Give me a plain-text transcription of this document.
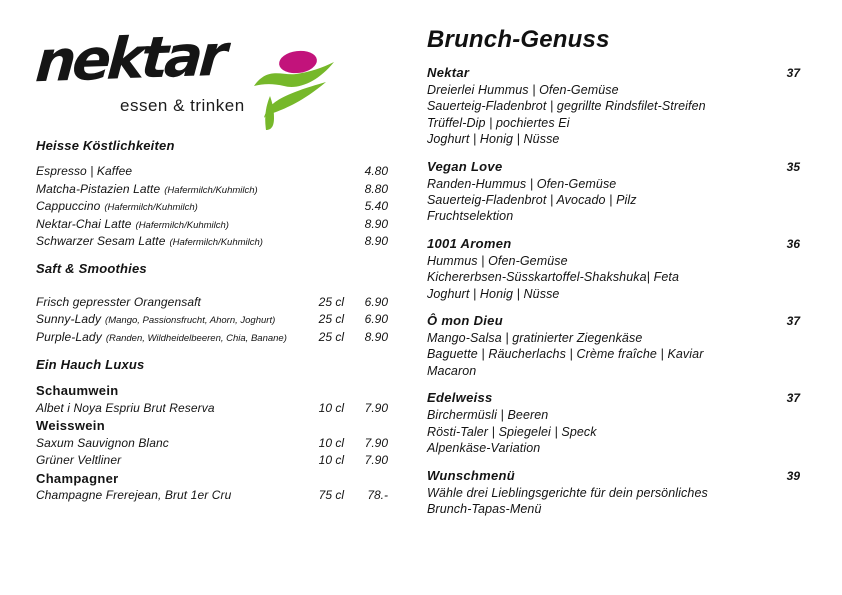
nektar
essen & trinken
Heisse Köstlichkeiten
Espresso | Kaffee	4.80
Matcha-Pistazien Latte (Hafermilch/Kuhmilch)	8.80
Cappuccino (Hafermilch/Kuhmilch)	5.40
Nektar-Chai Latte (Hafermilch/Kuhmilch)	8.90
Schwarzer Sesam Latte (Hafermilch/Kuhmilch)	8.90
Saft & Smoothies
Frisch gepresster Orangensaft	25 cl	6.90
Sunny-Lady (Mango, Passionsfrucht, Ahorn, Joghurt)	25 cl	6.90
Purple-Lady (Randen, Wildheidelbeeren, Chia, Banane)	25 cl	8.90
Ein Hauch Luxus
Schaumwein
Albet i Noya Espriu Brut Reserva	10 cl	7.90
Weisswein
Saxum Sauvignon Blanc	10 cl	7.90
Grüner Veltliner	10 cl	7.90
Champagner
Champagne Frerejean, Brut 1er Cru	75 cl	78.-
Brunch-Genuss
Nektar	37
Dreierlei Hummus | Ofen-Gemüse
Sauerteig-Fladenbrot | gegrillte Rindsfilet-Streifen
Trüffel-Dip | pochiertes Ei
Joghurt | Honig | Nüsse
Vegan Love	35
Randen-Hummus | Ofen-Gemüse
Sauerteig-Fladenbrot | Avocado | Pilz
Fruchtselektion
1001 Aromen	36
Hummus | Ofen-Gemüse
Kichererbsen-Süsskartoffel-Shakshuka| Feta
Joghurt | Honig | Nüsse
Ô mon Dieu	37
Mango-Salsa | gratinierter Ziegenkäse
Baguette | Räucherlachs | Crème fraîche | Kaviar
Macaron
Edelweiss	37
Birchermüsli | Beeren
Rösti-Taler | Spiegelei | Speck
Alpenkäse-Variation
Wunschmenü	39
Wähle drei Lieblingsgerichte für dein persönliches
Brunch-Tapas-Menü
